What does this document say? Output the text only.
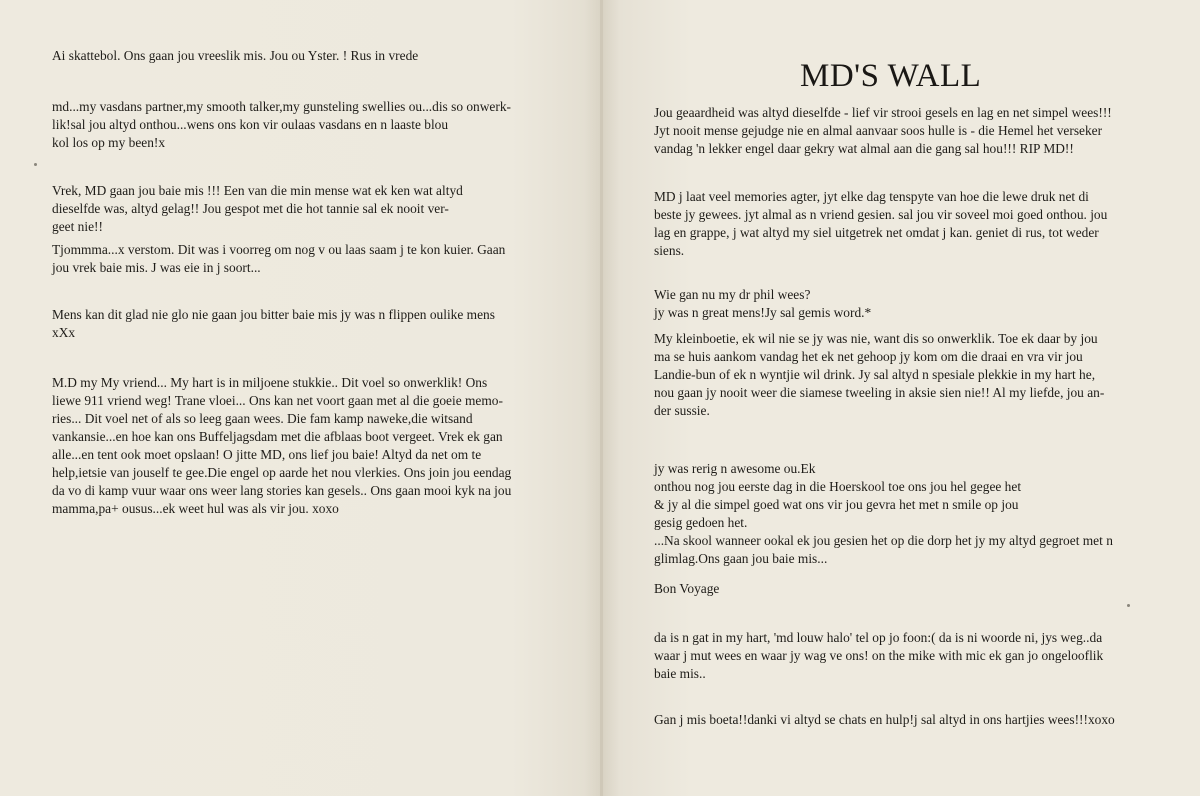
Ai skattebol. Ons gaan jou vreeslik mis. Jou ou Yster. ! Rus in vrede

md...my vasdans partner,my smooth talker,my gunsteling swellies ou...dis so onwerk-
lik!sal jou altyd onthou...wens ons kon vir oulaas vasdans en n laaste blou
kol los op my been!x

Vrek, MD gaan jou baie mis !!! Een van die min mense wat ek ken wat altyd
dieselfde was, altyd gelag!! Jou gespot met die hot tannie sal ek nooit ver-
geet nie!!

Tjommma...x verstom. Dit was i voorreg om nog v ou laas saam j te kon kuier. Gaan
jou vrek baie mis. J was eie in j soort...

Mens kan dit glad nie glo nie gaan jou bitter baie mis jy was n flippen oulike mens
xXx

M.D my My vriend... My hart is in miljoene stukkie.. Dit voel so onwerklik! Ons
liewe 911 vriend weg! Trane vloei... Ons kan net voort gaan met al die goeie memo-
ries... Dit voel net of als so leeg gaan wees. Die fam kamp naweke,die witsand
vankansie...en hoe kan ons Buffeljagsdam met die afblaas boot vergeet. Vrek ek gan
alle...en tent ook moet opslaan! O jitte MD, ons lief jou baie! Altyd da net om te
help,ietsie van jouself te gee.Die engel op aarde het nou vlerkies. Ons join jou eendag
da vo di kamp vuur waar ons weer lang stories kan gesels.. Ons gaan mooi kyk na jou
mamma,pa+ ousus...ek weet hul was als vir jou. xoxo

MD'S WALL

Jou geaardheid was altyd dieselfde - lief vir strooi gesels en lag en net simpel wees!!!
Jyt nooit mense gejudge nie en almal aanvaar soos hulle is - die Hemel het verseker
vandag 'n lekker engel daar gekry wat almal aan die gang sal hou!!! RIP MD!!

MD j laat veel memories agter, jyt elke dag tenspyte van hoe die lewe druk net di
beste jy gewees. jyt almal as n vriend gesien. sal jou vir soveel moi goed onthou. jou
lag en grappe, j wat altyd my siel uitgetrek net omdat j kan. geniet di rus, tot weder
siens.

Wie gan nu my dr phil wees?
jy was n great mens!Jy sal gemis word.*

My kleinboetie, ek wil nie se jy was nie, want dis so onwerklik. Toe ek daar by jou
ma se huis aankom vandag het ek net gehoop jy kom om die draai en vra vir jou
Landie-bun of ek n wyntjie wil drink. Jy sal altyd n spesiale plekkie in my hart he,
nou gaan jy nooit weer die siamese tweeling in aksie sien nie!! Al my liefde, jou an-
der sussie.

jy was rerig n awesome ou.Ek
onthou nog jou eerste dag in die Hoerskool toe ons jou hel gegee het
& jy al die simpel goed wat ons vir jou gevra het met n smile op jou
gesig gedoen het.
...Na skool wanneer ookal ek jou gesien het op die dorp het jy my altyd gegroet met n
glimlag.Ons gaan jou baie mis...

Bon Voyage

da is n gat in my hart, 'md louw halo' tel op jo foon:( da is ni woorde ni, jys weg..da
waar j mut wees en waar jy wag ve ons! on the mike with mic ek gan jo ongelooflik
baie mis..

Gan j mis boeta!!danki vi altyd se chats en hulp!j sal altyd in ons hartjies wees!!!xoxo
